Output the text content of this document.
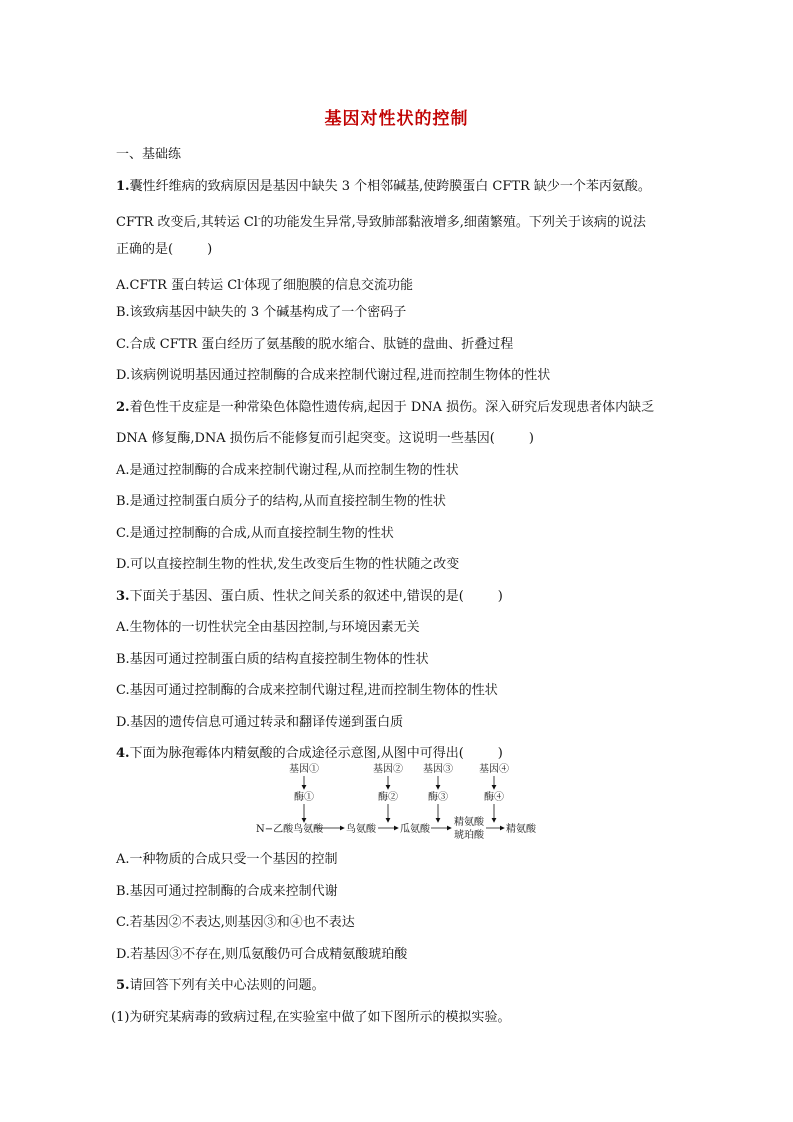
基因对性状的控制
一、基础练
1.囊性纤维病的致病原因是基因中缺失 3 个相邻碱基,使跨膜蛋白 CFTR 缺少一个苯丙氨酸。
CFTR 改变后,其转运 Cl-的功能发生异常,导致肺部黏液增多,细菌繁殖。下列关于该病的说法
正确的是(	)
A.CFTR 蛋白转运 Cl-体现了细胞膜的信息交流功能
B.该致病基因中缺失的 3 个碱基构成了一个密码子
C.合成 CFTR 蛋白经历了氨基酸的脱水缩合、肽链的盘曲、折叠过程
D.该病例说明基因通过控制酶的合成来控制代谢过程,进而控制生物体的性状
2.着色性干皮症是一种常染色体隐性遗传病,起因于 DNA 损伤。深入研究后发现患者体内缺乏
DNA 修复酶,DNA 损伤后不能修复而引起突变。这说明一些基因(	)
A.是通过控制酶的合成来控制代谢过程,从而控制生物的性状
B.是通过控制蛋白质分子的结构,从而直接控制生物的性状
C.是通过控制酶的合成,从而直接控制生物的性状
D.可以直接控制生物的性状,发生改变后生物的性状随之改变
3.下面关于基因、蛋白质、性状之间关系的叙述中,错误的是(	)
A.生物体的一切性状完全由基因控制,与环境因素无关
B.基因可通过控制蛋白质的结构直接控制生物体的性状
C.基因可通过控制酶的合成来控制代谢过程,进而控制生物体的性状
D.基因的遗传信息可通过转录和翻译传递到蛋白质
4.下面为脉孢霉体内精氨酸的合成途径示意图,从图中可得出(	)
基因①	基因② 基因③	基因④
酶①	酶②	酶③	酶④
N−乙酸鸟氨酸 鸟氨酸 瓜氨酸
精氨酸
琥珀酸
精氨酸
A.一种物质的合成只受一个基因的控制
B.基因可通过控制酶的合成来控制代谢
C.若基因②不表达,则基因③和④也不表达
D.若基因③不存在,则瓜氨酸仍可合成精氨酸琥珀酸
5.请回答下列有关中心法则的问题。
(1)为研究某病毒的致病过程,在实验室中做了如下图所示的模拟实验。
